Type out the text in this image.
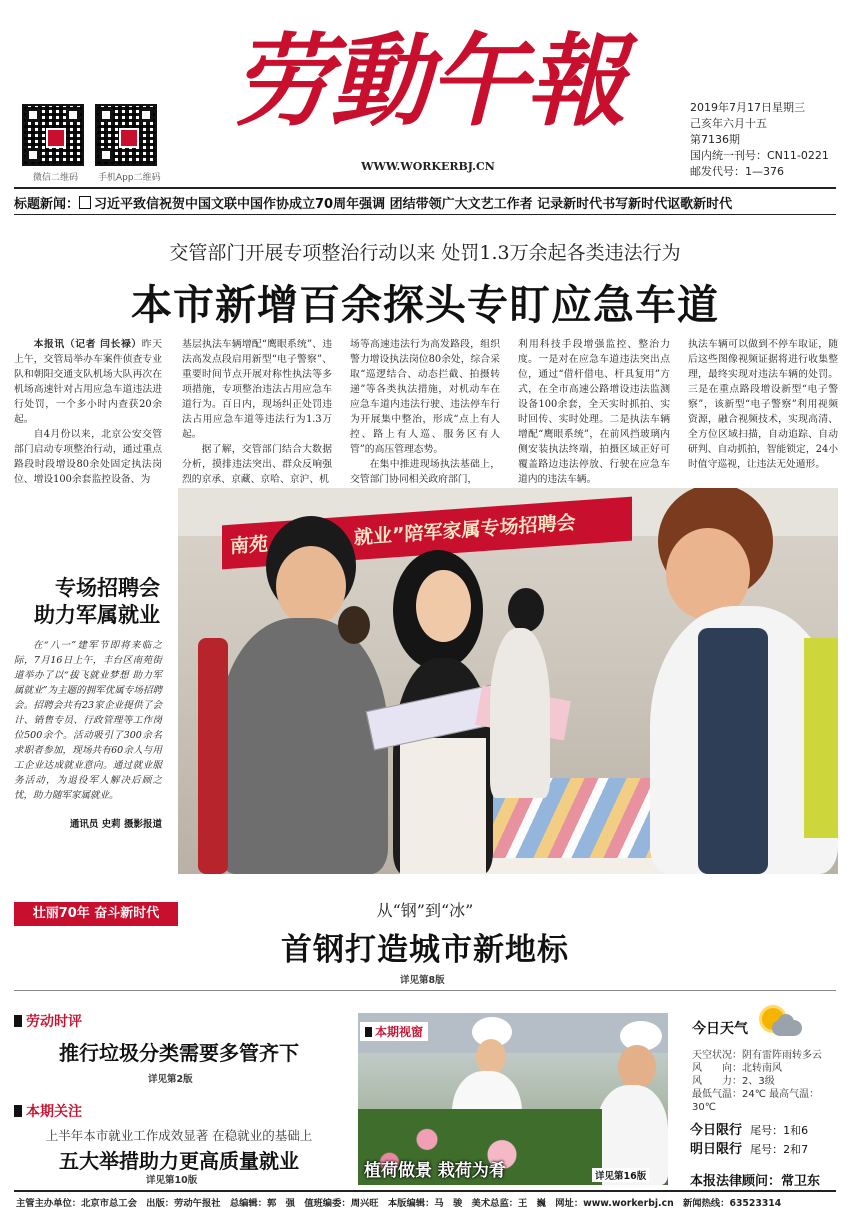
微信二维码 手机App二维码
劳動午報
WWW.WORKERBJ.CN
2019年7月17日星期三
己亥年六月十五
第7136期
国内统一刊号：CN11-0221
邮发代号：1—376
标题新闻： 习近平致信祝贺中国文联中国作协成立70周年强调 团结带领广大文艺工作者 记录新时代书写新时代讴歌新时代
交管部门开展专项整治行动以来 处罚1.3万余起各类违法行为
本市新增百余探头专盯应急车道

本报讯（记者 闫长禄）昨天上午，交管局举办车案件侦查专业队和朝阳交通支队机场大队再次在机场高速针对占用应急车道违法进行处罚，一个多小时内查获20余起。

自4月份以来，北京公安交管部门启动专项整治行动，通过重点路段时段增设80余处固定执法岗位、增设100余套监控设备、为

基层执法车辆增配“鹰眼系统”、违法高发点段启用新型“电子警察”、重要时间节点开展对称性执法等多项措施，专项整治违法占用应急车道行为。百日内，现场纠正处罚违法占用应急车道等违法行为1.3万起。

据了解，交管部门结合大数据分析，摸排违法突出、群众反响强烈的京承、京藏、京哈、京沪、机

场等高速违法行为高发路段，组织警力增设执法岗位80余处，综合采取“巡逻结合、动态拦截、拍摄转递”等各类执法措施，对机动车在应急车道内违法行驶、违法停车行为开展集中整治，形成“点上有人控、路上有人巡、服务区有人管”的高压管理态势。

在集中推进现场执法基础上，交管部门协同相关政府部门，

利用科技手段增强监控、整治力度。一是对在应急车道违法突出点位，通过“借杆借电、杆具复用”方式，在全市高速公路增设违法监测设备100余套，全天实时抓拍、实时回传、实时处理。二是执法车辆增配“鹰眼系统”，在前风挡玻璃内侧安装执法终端，拍摄区域正好可覆盖路边违法停放、行驶在应急车道内的违法车辆。

执法车辆可以做到不停车取证，随后这些图像视频证据将进行收集整理，最终实现对违法车辆的处罚。三是在重点路段增设新型“电子警察”，该新型“电子警察”利用视频资源，融合视频技术，实现高清、全方位区域扫描，自动追踪、自动研判、自动抓拍，智能锁定，24小时值守巡视，让违法无处遁形。

专场招聘会
助力军属就业
在“八一”建军节即将来临之际，7月16日上午，丰台区南苑街道举办了以“拔飞就业梦想 助力军属就业”为主题的拥军优属专场招聘会。招聘会共有23家企业提供了会计、销售专员、行政管理等工作岗位500余个。活动吸引了300余名求职者参加，现场共有60余人与用工企业达成就业意向。通过就业服务活动，为退役军人解决后顾之忧，助力随军家属就业。
通讯员 史莉 摄影报道
南苑	就业”陪军家属专场招聘会
壮丽70年 奋斗新时代	从“钢”到“冰”
首钢打造城市新地标
详见第8版
劳动时评
推行垃圾分类需要多管齐下
详见第2版
本期关注
上半年本市就业工作成效显著 在稳就业的基础上
五大举措助力更高质量就业
详见第10版
本期视窗
植荷做景 栽荷为肴	详见第16版
今日天气
天空状况：阴有雷阵雨转多云
风　　向：北转南风
风　　力：2、3级
最低气温：24℃ 最高气温：30℃
今日限行 尾号：1和6
明日限行 尾号：2和7
本报法律顾问：常卫东
主管主办单位：北京市总工会　出版：劳动午报社　总编辑：郭　强　值班编委：周兴旺　本版编辑：马　骏　美术总监：王　巍　网址：www.workerbj.cn　新闻热线：63523314
